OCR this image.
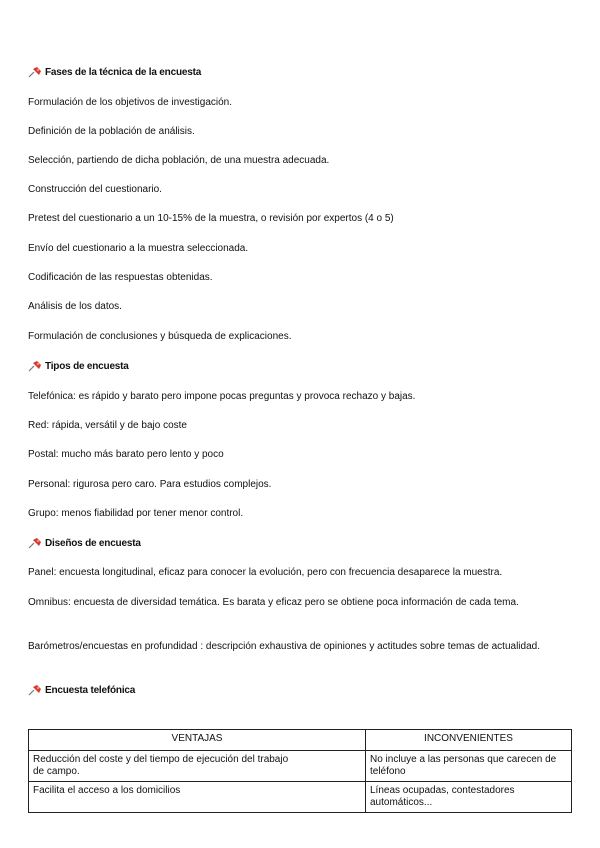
Fases de la técnica de la encuesta
Formulación de los objetivos de investigación.
Definición de la población de análisis.
Selección, partiendo de dicha población, de una muestra adecuada.
Construcción del cuestionario.
Pretest del cuestionario a un 10-15% de la muestra, o revisión por expertos (4 o 5)
Envío del cuestionario a la muestra seleccionada.
Codificación de las respuestas obtenidas.
Análisis de los datos.
Formulación de conclusiones y búsqueda de explicaciones.
Tipos de encuesta
Telefónica: es rápido y barato pero impone pocas preguntas y provoca rechazo y bajas.
Red: rápida, versátil y de bajo coste
Postal: mucho más barato pero lento y poco
Personal: rigurosa pero caro. Para estudios complejos.
Grupo: menos fiabilidad por tener menor control.
Diseños de encuesta
Panel: encuesta longitudinal, eficaz para conocer la evolución, pero con frecuencia desaparece la muestra.
Omnibus: encuesta de diversidad temática. Es barata y eficaz pero se obtiene poca información de cada tema.
Barómetros/encuestas en profundidad : descripción exhaustiva de opiniones y actitudes sobre temas de actualidad.
Encuesta telefónica
VENTAJAS	INCONVENIENTES
Reducción del coste y del tiempo de ejecución del trabajo de campo.	No incluye a las personas que carecen de teléfono
Facilita el acceso a los domicilios	Líneas ocupadas, contestadores automáticos...
